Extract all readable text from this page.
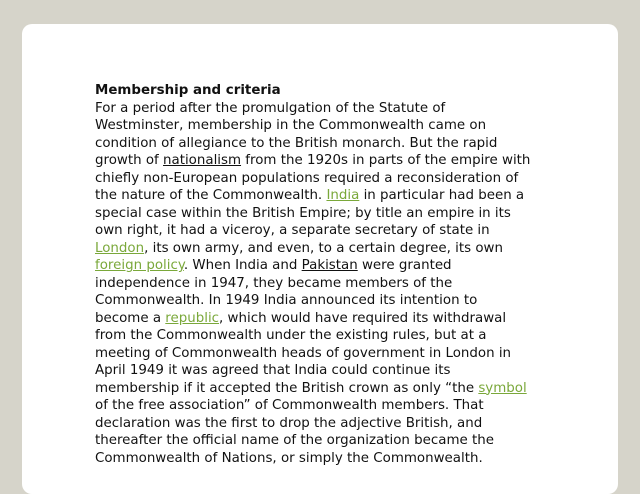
Membership and criteria
For a period after the promulgation of the Statute of Westminster, membership in the Commonwealth came on condition of allegiance to the British monarch. But the rapid growth of nationalism from the 1920s in parts of the empire with chiefly non-European populations required a reconsideration of the nature of the Commonwealth. India in particular had been a special case within the British Empire; by title an empire in its own right, it had a viceroy, a separate secretary of state in London, its own army, and even, to a certain degree, its own foreign policy. When India and Pakistan were granted independence in 1947, they became members of the Commonwealth. In 1949 India announced its intention to become a republic, which would have required its withdrawal from the Commonwealth under the existing rules, but at a meeting of Commonwealth heads of government in London in April 1949 it was agreed that India could continue its membership if it accepted the British crown as only “the symbol of the free association” of Commonwealth members. That declaration was the first to drop the adjective British, and thereafter the official name of the organization became the Commonwealth of Nations, or simply the Commonwealth.
